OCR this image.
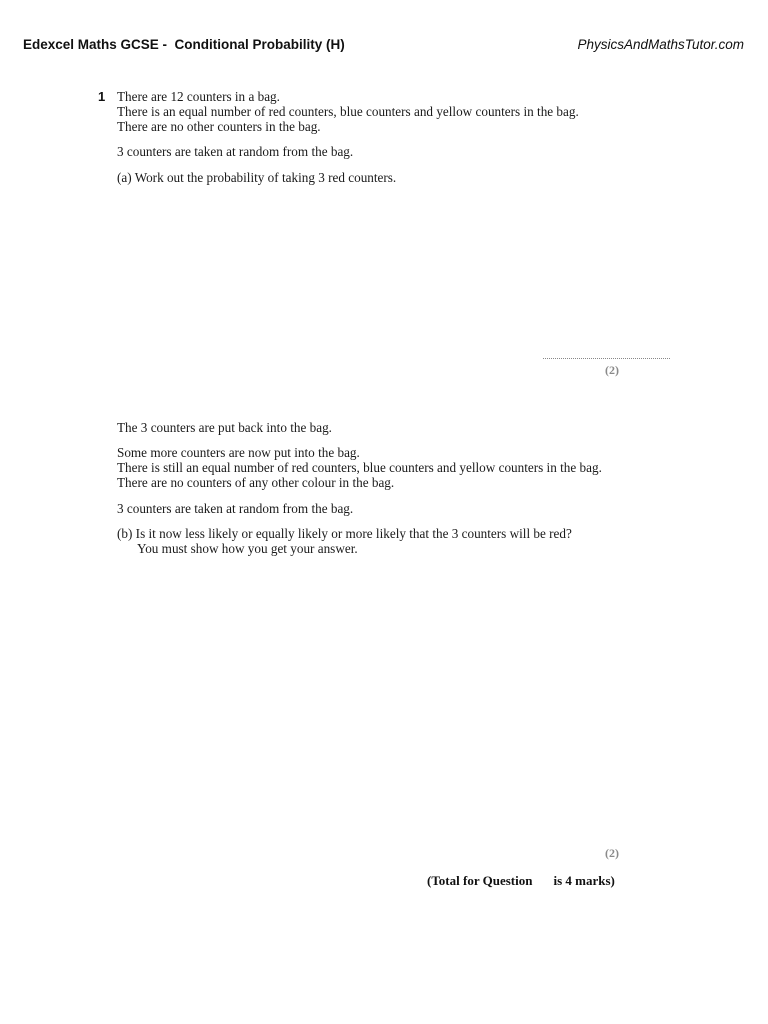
Edexcel Maths GCSE -  Conditional Probability (H)	PhysicsAndMathsTutor.com
1 There are 12 counters in a bag.
There is an equal number of red counters, blue counters and yellow counters in the bag.
There are no other counters in the bag.
3 counters are taken at random from the bag.
(a) Work out the probability of taking 3 red counters.
(2)
The 3 counters are put back into the bag.
Some more counters are now put into the bag.
There is still an equal number of red counters, blue counters and yellow counters in the bag.
There are no counters of any other colour in the bag.
3 counters are taken at random from the bag.
(b) Is it now less likely or equally likely or more likely that the 3 counters will be red?
You must show how you get your answer.
(2)
(Total for Question is 4 marks)
